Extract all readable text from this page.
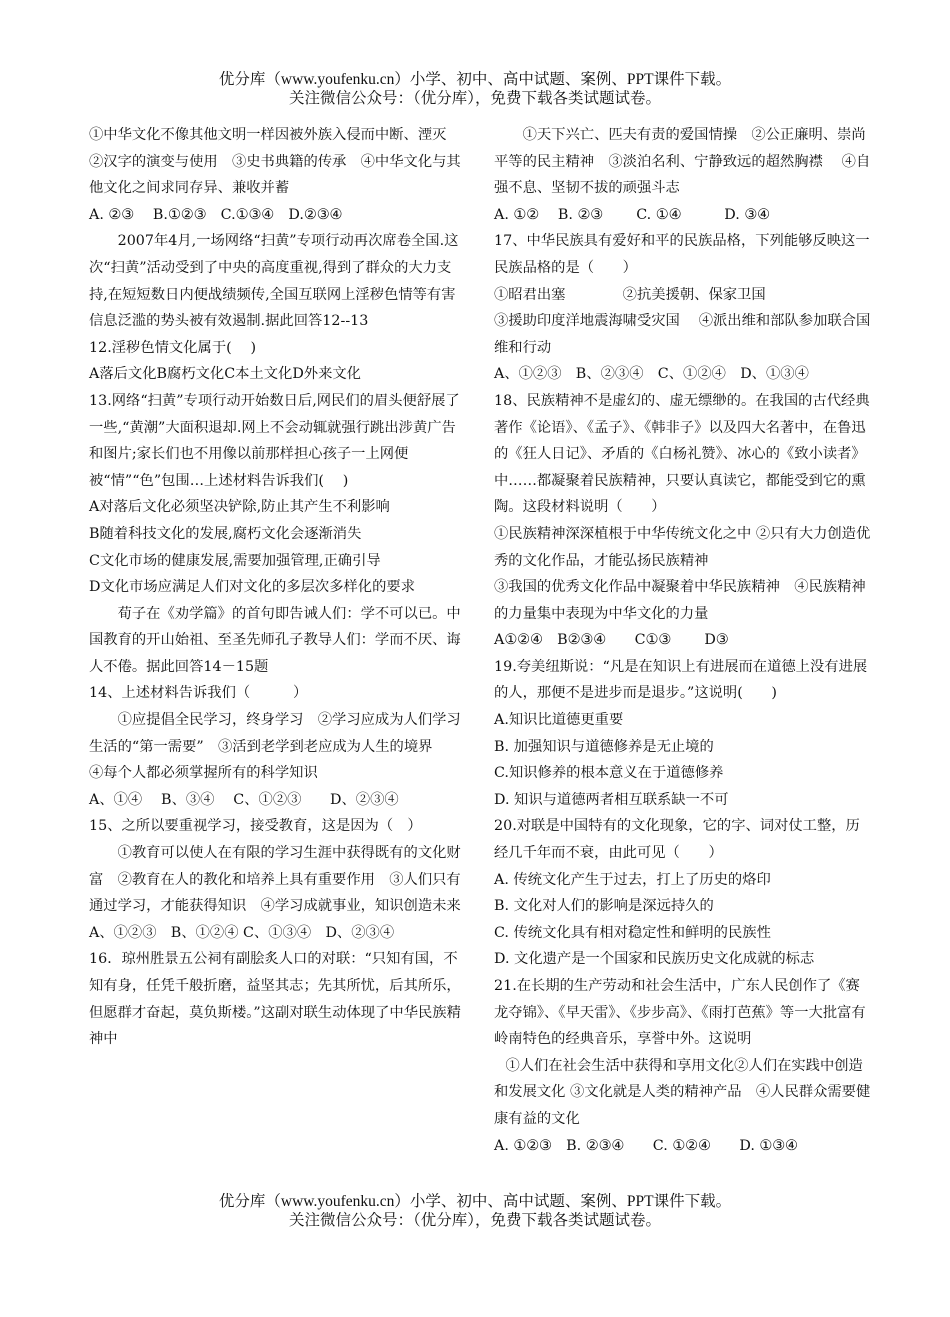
优分库（www.youfenku.cn）小学、初中、高中试题、案例、PPT课件下载。
关注微信公众号：（优分库），免费下载各类试题试卷。

①中华文化不像其他文明一样因被外族入侵而中断、湮灭 ②汉字的演变与使用　③史书典籍的传承　④中华文化与其他文化之间求同存异、兼收并蓄

A. ②③　 B.①②③　C.①③④　D.②③④

2007年4月,一场网络“扫黄”专项行动再次席卷全国.这次“扫黄”活动受到了中央的高度重视,得到了群众的大力支持,在短短数日内便战绩频传,全国互联网上淫秽色情等有害信息泛滥的势头被有效遏制.据此回答12--13

12.淫秽色情文化属于(　 )

A落后文化B腐朽文化C本土文化D外来文化

13.网络“扫黄”专项行动开始数日后,网民们的眉头便舒展了一些,“黄潮”大面积退却.网上不会动辄就强行跳出涉黄广告和图片;家长们也不用像以前那样担心孩子一上网便被“情”“色”包围…上述材料告诉我们(　 )

A对落后文化必须坚决铲除,防止其产生不利影响

B随着科技文化的发展,腐朽文化会逐渐消失

C文化市场的健康发展,需要加强管理,正确引导

D文化市场应满足人们对文化的多层次多样化的要求

荀子在《劝学篇》的首句即告诫人们：学不可以已。中国教育的开山始祖、至圣先师孔子教导人们：学而不厌、诲人不倦。据此回答14－15题

14、上述材料告诉我们（　　　）

①应提倡全民学习，终身学习　②学习应成为人们学习生活的“第一需要”　③活到老学到老应成为人生的境界　④每个人都必须掌握所有的科学知识

A、①④　 B、③④　 C、①②③　　D、②③④

15、之所以要重视学习，接受教育，这是因为（　）

①教育可以使人在有限的学习生涯中获得既有的文化财富　②教育在人的教化和培养上具有重要作用　③人们只有通过学习，才能获得知识　④学习成就事业，知识创造未来

A、①②③　B、①②④ C、①③④　D、②③④

16．琼州胜景五公祠有副脍炙人口的对联：“只知有国，不知有身，任凭千般折磨，益坚其志；先其所忧，后其所乐，但愿群才奋起，莫负斯楼。”这副对联生动体现了中华民族精神中

①天下兴亡、匹夫有责的爱国情操　②公正廉明、崇尚平等的民主精神　③淡泊名利、宁静致远的超然胸襟　 ④自强不息、坚韧不拔的顽强斗志

A. ①②　 B. ②③　　 C. ①④　　　D. ③④

17、中华民族具有爱好和平的民族品格，下列能够反映这一民族品格的是（　　）

①昭君出塞　　　　②抗美援朝、保家卫国

③援助印度洋地震海啸受灾国　 ④派出维和部队参加联合国维和行动

A、①②③　B、②③④　C、①②④　D、①③④

18、民族精神不是虚幻的、虚无缥缈的。在我国的古代经典著作《论语》、《孟子》、《韩非子》以及四大名著中，在鲁迅的《狂人日记》、矛盾的《白杨礼赞》、冰心的《致小读者》中……都凝聚着民族精神，只要认真读它，都能受到它的熏陶。这段材料说明（　　）

①民族精神深深植根于中华传统文化之中 ②只有大力创造优秀的文化作品，才能弘扬民族精神

③我国的优秀文化作品中凝聚着中华民族精神　④民族精神的力量集中表现为中华文化的力量

A①②④　B②③④　　C①③　　 D③

19.夸美纽斯说：“凡是在知识上有进展而在道德上没有进展的人，那便不是进步而是退步。”这说明(　　)

A.知识比道德更重要

B. 加强知识与道德修养是无止境的

C.知识修养的根本意义在于道德修养

D. 知识与道德两者相互联系缺一不可

20.对联是中国特有的文化现象，它的字、词对仗工整，历经几千年而不衰，由此可见（　　）

A. 传统文化产生于过去，打上了历史的烙印

B. 文化对人们的影响是深远持久的

C. 传统文化具有相对稳定性和鲜明的民族性

D. 文化遗产是一个国家和民族历史文化成就的标志

21.在长期的生产劳动和社会生活中，广东人民创作了《赛龙夺锦》、《早天雷》、《步步高》、《雨打芭蕉》等一大批富有岭南特色的经典音乐，享誉中外。这说明

①人们在社会生活中获得和享用文化②人们在实践中创造和发展文化 ③文化就是人类的精神产品　④人民群众需要健康有益的文化

A. ①②③　B. ②③④　　C. ①②④　　D. ①③④

优分库（www.youfenku.cn）小学、初中、高中试题、案例、PPT课件下载。
关注微信公众号：（优分库），免费下载各类试题试卷。
